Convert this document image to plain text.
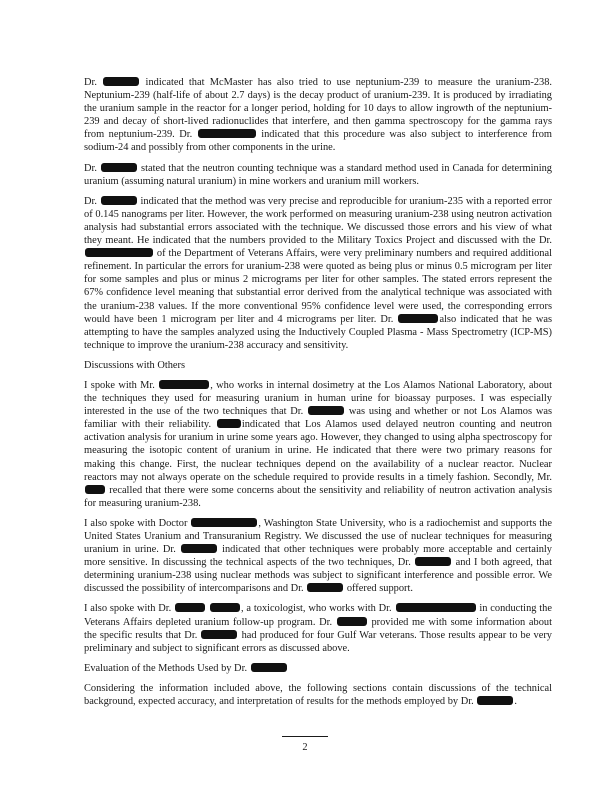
Dr.	indicated that McMaster has also tried to use neptunium-239 to measure the uranium-238. Neptunium-239 (half-life of about 2.7 days) is the decay product of uranium-239. It is produced by irradiating the uranium sample in the reactor for a longer period, holding for 10 days to allow ingrowth of the neptunium-239 and decay of short-lived radionuclides that interfere, and then gamma spectroscopy for the gamma rays from neptunium-239. Dr.	indicated that this procedure was also subject to interference from sodium-24 and possibly from other components in the urine.

Dr.	stated that the neutron counting technique was a standard method used in Canada for determining uranium (assuming natural uranium) in mine workers and uranium mill workers.

Dr.	indicated that the method was very precise and reproducible for uranium-235 with a reported error of 0.145 nanograms per liter. However, the work performed on measuring uranium-238 using neutron activation analysis had substantial errors associated with the technique. We discussed those errors and his view of what they meant. He indicated that the numbers provided to the Military Toxics Project and discussed with the Dr.  of the Department of Veterans Affairs, were very preliminary numbers and required additional refinement. In particular the errors for uranium-238 were quoted as being plus or minus 0.5 microgram per liter for some samples and plus or minus 2 micrograms per liter for other samples. The stated errors represent the 67% confidence level meaning that substantial error derived from the analytical technique was associated with the uranium-238 values. If the more conventional 95% confidence level were used, the corresponding errors would have been 1 microgram per liter and 4 micrograms per liter. Dr.	also indicated that he was attempting to have the samples analyzed using the Inductively Coupled Plasma - Mass Spectrometry (ICP-MS) technique to improve the uranium-238 accuracy and sensitivity.

Discussions with Others

I spoke with Mr.	, who works in internal dosimetry at the Los Alamos National Laboratory, about the techniques they used for measuring uranium in human urine for bioassay purposes. I was especially interested in the use of the two techniques that Dr.	was using and whether or not Los Alamos was familiar with their reliability.	indicated that Los Alamos used delayed neutron counting and neutron activation analysis for uranium in urine some years ago. However, they changed to using alpha spectroscopy for measuring the isotopic content of uranium in urine. He indicated that there were two primary reasons for making this change. First, the nuclear techniques depend on the availability of a nuclear reactor. Nuclear reactors may not always operate on the schedule required to provide results in a timely fashion. Secondly, Mr.  recalled that there were some concerns about the sensitivity and reliability of neutron activation analysis for measuring uranium-238.

I also spoke with Doctor	, Washington State University, who is a radiochemist and supports the United States Uranium and Transuranium Registry. We discussed the use of nuclear techniques for measuring uranium in urine. Dr.	indicated that other techniques were probably more acceptable and certainly more sensitive. In discussing the technical aspects of the two techniques, Dr.	and I both agreed, that determining uranium-238 using nuclear methods was subject to significant interference and possible error. We discussed the possibility of intercomparisons and Dr.	offered support.

I also spoke with Dr.	, a toxicologist, who works with Dr.	in conducting the Veterans Affairs depleted uranium follow-up program. Dr.	provided me with some information about the specific results that Dr.	had produced for four Gulf War veterans. Those results appear to be very preliminary and subject to significant errors as discussed above.

Evaluation of the Methods Used by Dr.

Considering the information included above, the following sections contain discussions of the technical background, expected accuracy, and interpretation of results for the methods employed by Dr.	.

2
